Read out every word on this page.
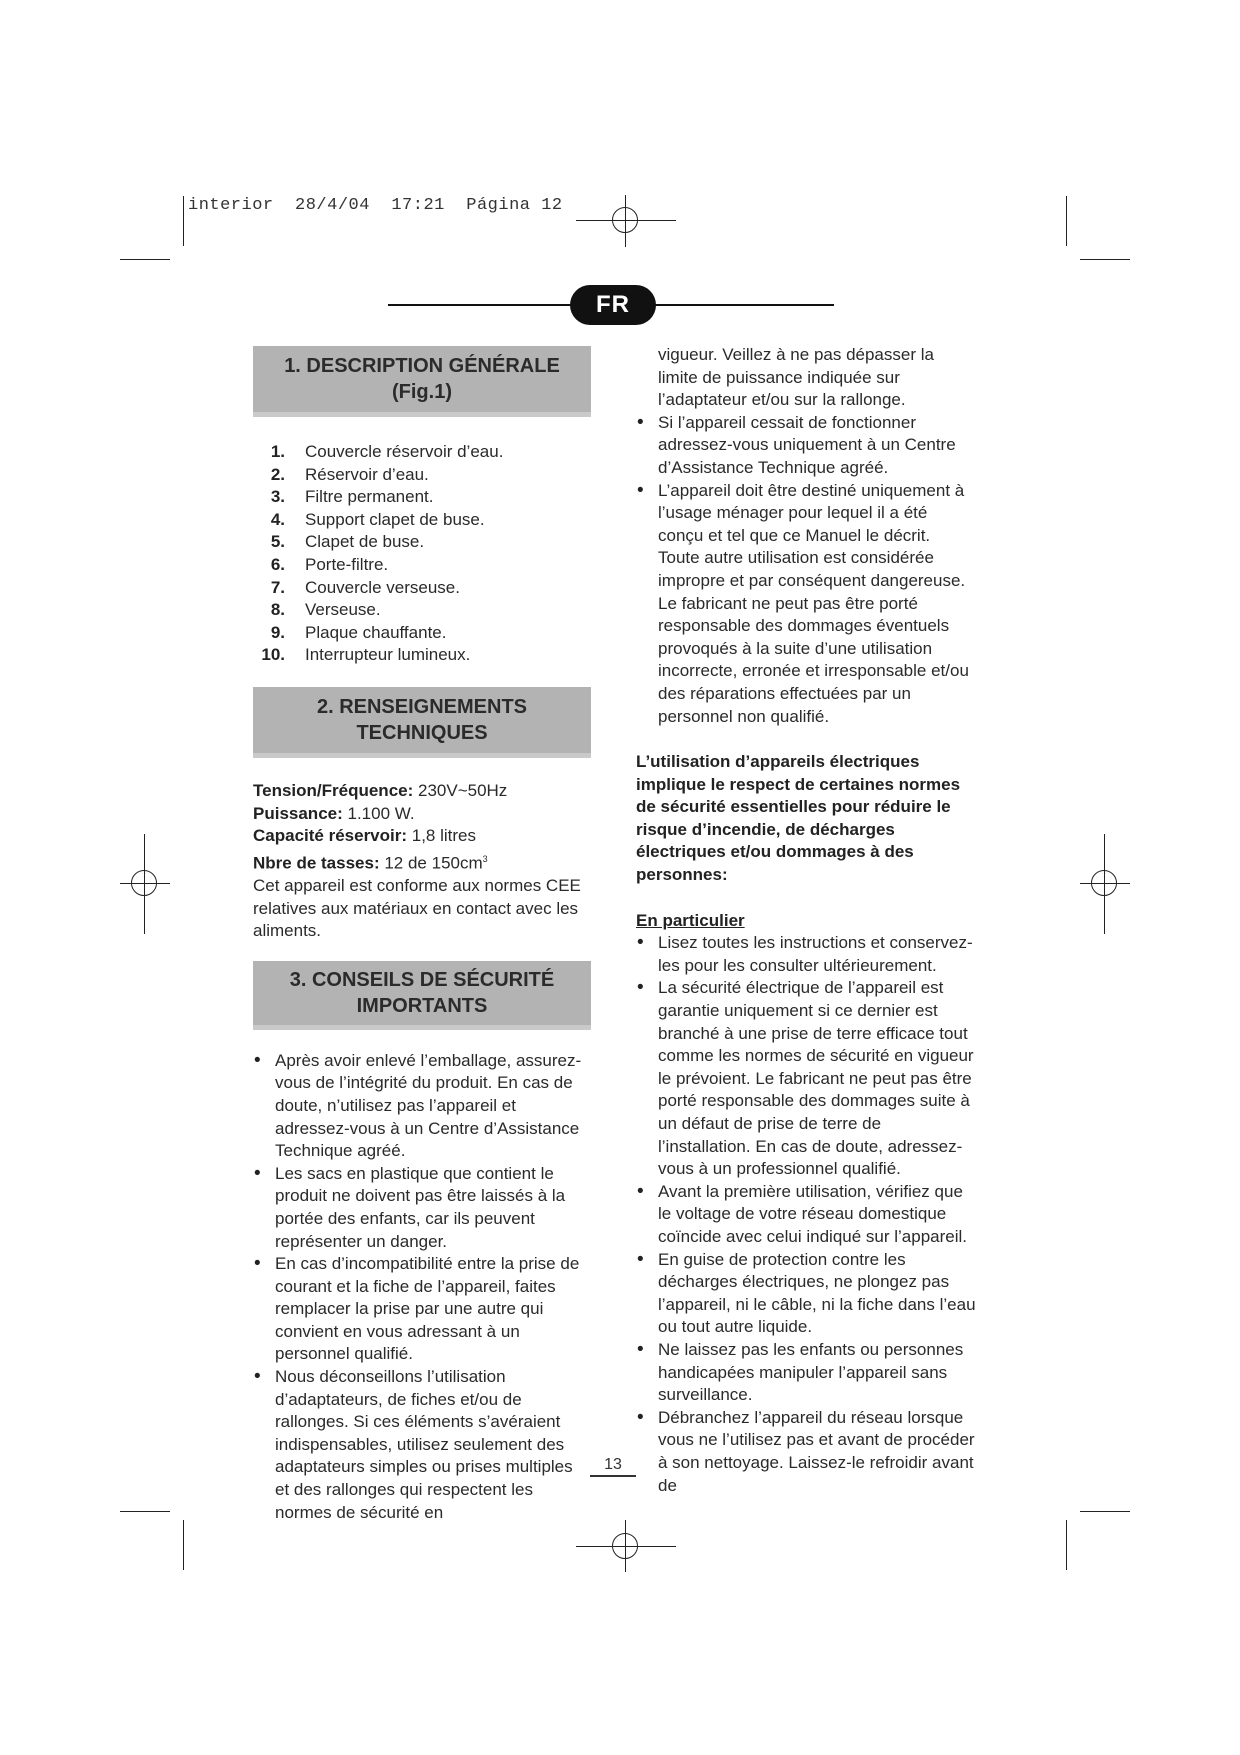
interior 28/4/04 17:21 Página 12
FR
1. DESCRIPTION GÉNÉRALE (Fig.1)
1. Couvercle réservoir d’eau.
2. Réservoir d’eau.
3. Filtre permanent.
4. Support clapet de buse.
5. Clapet de buse.
6. Porte-filtre.
7. Couvercle verseuse.
8. Verseuse.
9. Plaque chauffante.
10. Interrupteur lumineux.
2. RENSEIGNEMENTS TECHNIQUES
Tension/Fréquence: 230V~50Hz
Puissance: 1.100 W.
Capacité réservoir: 1,8 litres
Nbre de tasses: 12 de $150cm^3$
Cet appareil est conforme aux normes CEE relatives aux matériaux en contact avec les aliments.
3. CONSEILS DE SÉCURITÉ
IMPORTANTS
• Après avoir enlevé l’emballage, assurez-vous de l’intégrité du produit. En cas de doute, n’utilisez pas l’appareil et adressez-vous à un Centre d’Assistance Technique agréé.
• Les sacs en plastique que contient le produit ne doivent pas être laissés à la portée des enfants, car ils peuvent représenter un danger.
• En cas d’incompatibilité entre la prise de courant et la fiche de l’appareil, faites remplacer la prise par une autre qui convient en vous adressant à un personnel qualifié.
• Nous déconseillons l’utilisation d’adaptateurs, de fiches et/ou de rallonges. Si ces éléments s’avéraient indispensables, utilisez seulement des adaptateurs simples ou prises multiples et des rallonges qui respectent les normes de sécurité en
vigueur. Veillez à ne pas dépasser la limite de puissance indiquée sur l’adaptateur et/ou sur la rallonge.
• Si l’appareil cessait de fonctionner adressez-vous uniquement à un Centre d’Assistance Technique agréé.
• L’appareil doit être destiné uniquement à l’usage ménager pour lequel il a été conçu et tel que ce Manuel le décrit. Toute autre utilisation est considérée impropre et par conséquent dangereuse. Le fabricant ne peut pas être porté responsable des dommages éventuels provoqués à la suite d’une utilisation incorrecte, erronée et irresponsable et/ou des réparations effectuées par un personnel non qualifié.
L’utilisation d’appareils électriques implique le respect de certaines normes de sécurité essentielles pour réduire le risque d’incendie, de décharges électriques et/ou dommages à des personnes:
En particulier
• Lisez toutes les instructions et conservez-les pour les consulter ultérieurement.
• La sécurité électrique de l’appareil est garantie uniquement si ce dernier est branché à une prise de terre efficace tout comme les normes de sécurité en vigueur le prévoient. Le fabricant ne peut pas être porté responsable des dommages suite à un défaut de prise de terre de l’installation. En cas de doute, adressez-vous à un professionnel qualifié.
• Avant la première utilisation, vérifiez que le voltage de votre réseau domestique coïncide avec celui indiqué sur l’appareil.
• En guise de protection contre les décharges électriques, ne plongez pas l’appareil, ni le câble, ni la fiche dans l’eau ou tout autre liquide.
• Ne laissez pas les enfants ou personnes handicapées manipuler l’appareil sans surveillance.
• Débranchez l’appareil du réseau lorsque vous ne l’utilisez pas et avant de procéder à son nettoyage. Laissez-le refroidir avant de
13
